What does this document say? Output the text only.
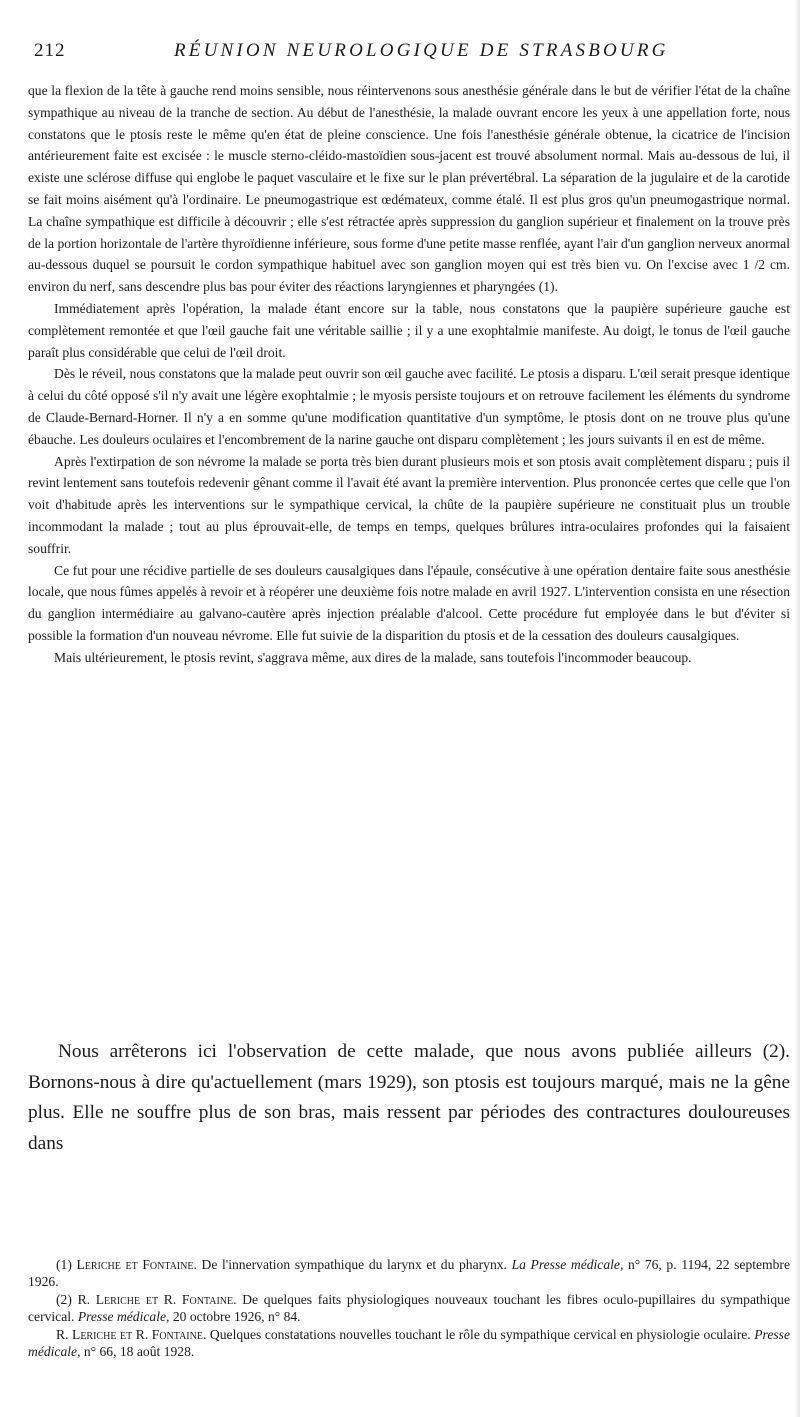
212	RÉUNION NEUROLOGIQUE DE STRASBOURG

que la flexion de la tête à gauche rend moins sensible, nous réintervenons sous anesthésie générale dans le but de vérifier l'état de la chaîne sympathique au niveau de la tranche de section. Au début de l'anesthésie, la malade ouvrant encore les yeux à une appellation forte, nous constatons que le ptosis reste le même qu'en état de pleine conscience. Une fois l'anesthésie générale obtenue, la cicatrice de l'incision antérieurement faite est excisée : le muscle sterno-cléido-mastoïdien sous-jacent est trouvé absolument normal. Mais au-dessous de lui, il existe une sclérose diffuse qui englobe le paquet vasculaire et le fixe sur le plan prévertébral. La séparation de la jugulaire et de la carotide se fait moins aisément qu'à l'ordinaire. Le pneumogastrique est œdémateux, comme étalé. Il est plus gros qu'un pneumogastrique normal. La chaîne sympathique est difficile à découvrir ; elle s'est rétractée après suppression du ganglion supérieur et finalement on la trouve près de la portion horizontale de l'artère thyroïdienne inférieure, sous forme d'une petite masse renflée, ayant l'air d'un ganglion nerveux anormal au-dessous duquel se poursuit le cordon sympathique habituel avec son ganglion moyen qui est très bien vu. On l'excise avec 1 /2 cm. environ du nerf, sans descendre plus bas pour éviter des réactions laryngiennes et pharyngées (1).

Immédiatement après l'opération, la malade étant encore sur la table, nous constatons que la paupière supérieure gauche est complètement remontée et que l'œil gauche fait une véritable saillie ; il y a une exophtalmie manifeste. Au doigt, le tonus de l'œil gauche paraît plus considérable que celui de l'œil droit.

Dès le réveil, nous constatons que la malade peut ouvrir son œil gauche avec facilité. Le ptosis a disparu. L'œil serait presque identique à celui du côté opposé s'il n'y avait une légère exophtalmie ; le myosis persiste toujours et on retrouve facilement les éléments du syndrome de Claude-Bernard-Horner. Il n'y a en somme qu'une modification quantitative d'un symptôme, le ptosis dont on ne trouve plus qu'une ébauche. Les douleurs oculaires et l'encombrement de la narine gauche ont disparu complètement ; les jours suivants il en est de même.

Après l'extirpation de son névrome la malade se porta très bien durant plusieurs mois et son ptosis avait complètement disparu ; puis il revint lentement sans toutefois redevenir gênant comme il l'avait été avant la première intervention. Plus prononcée certes que celle que l'on voit d'habitude après les interventions sur le sympathique cervical, la chûte de la paupière supérieure ne constituait plus un trouble incommodant la malade ; tout au plus éprouvait-elle, de temps en temps, quelques brûlures intra-oculaires profondes qui la faisaient souffrir.

Ce fut pour une récidive partielle de ses douleurs causalgiques dans l'épaule, consécutive à une opération dentaire faite sous anesthésie locale, que nous fûmes appelés à revoir et à réopérer une deuxième fois notre malade en avril 1927. L'intervention consista en une résection du ganglion intermédiaire au galvano-cautère après injection préalable d'alcool. Cette procédure fut employée dans le but d'éviter si possible la formation d'un nouveau névrome. Elle fut suivie de la disparition du ptosis et de la cessation des douleurs causalgiques.

Mais ultérieurement, le ptosis revint, s'aggrava même, aux dires de la malade, sans toutefois l'incommoder beaucoup.

Nous arrêterons ici l'observation de cette malade, que nous avons publiée ailleurs (2). Bornons-nous à dire qu'actuellement (mars 1929), son ptosis est toujours marqué, mais ne la gêne plus. Elle ne souffre plus de son bras, mais ressent par périodes des contractures douloureuses dans

(1) Leriche et Fontaine. De l'innervation sympathique du larynx et du pharynx. La Presse médicale, n° 76, p. 1194, 22 septembre 1926.

(2) R. Leriche et R. Fontaine. De quelques faits physiologiques nouveaux touchant les fibres oculo-pupillaires du sympathique cervical. Presse médicale, 20 octobre 1926, n° 84.

R. Leriche et R. Fontaine. Quelques constatations nouvelles touchant le rôle du sympathique cervical en physiologie oculaire. Presse médicale, n° 66, 18 août 1928.
